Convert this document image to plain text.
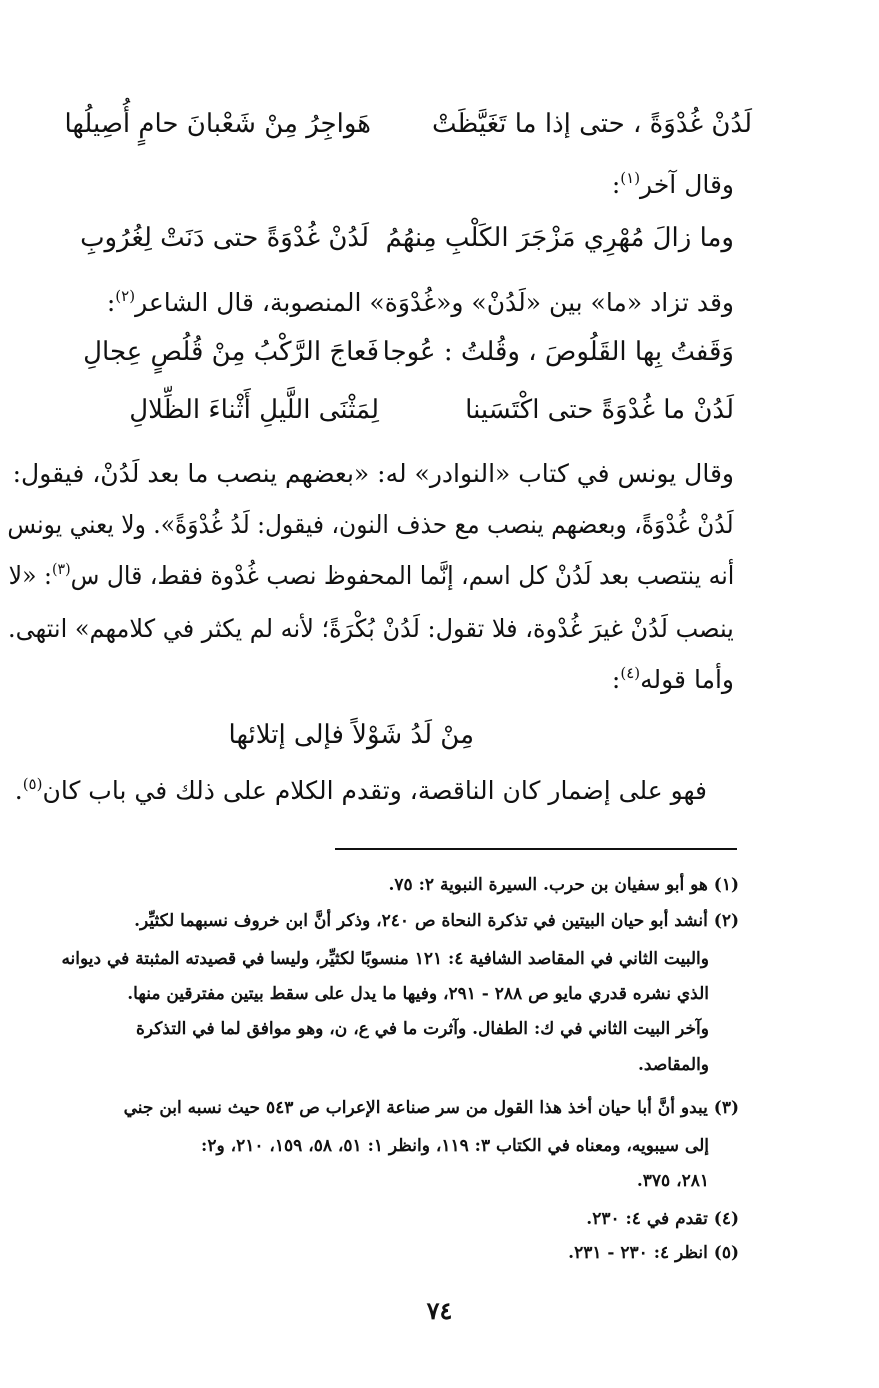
لَدُنْ غُدْوَةً ، حتى إذا ما تَغَيَّظَتْ
هَواجِرُ مِنْ شَعْبانَ حامٍ أُصِيلُها
وقال آخر$^{(١)}$:
وما زالَ مُهْرِي مَزْجَرَ الكَلْبِ مِنهُمُ
لَدُنْ غُدْوَةً حتى دَنَتْ لِغُرُوبِ
وقد تزاد «ما» بين «لَدُنْ» و«غُدْوَة» المنصوبة، قال الشاعر$^{(٢)}$:
وَقَفتُ بِها القَلُوصَ ، وقُلتُ : عُوجا
فَعاجَ الرَّكْبُ مِنْ قُلُصٍ عِجالِ
لَدُنْ ما غُدْوَةً حتى اكْتَسَينا
لِمَثْنَى اللَّيلِ أَثْناءَ الظِّلالِ
وقال يونس في كتاب «النوادر» له: «بعضهم ينصب ما بعد لَدُنْ، فيقول:
لَدُنْ غُدْوَةً، وبعضهم ينصب مع حذف النون، فيقول: لَدُ غُدْوَةً». ولا يعني يونس
أنه ينتصب بعد لَدُنْ كل اسم، إنَّما المحفوظ نصب غُدْوة فقط، قال س$^{(٣)}$: «لا
ينصب لَدُنْ غيرَ غُدْوة، فلا تقول: لَدُنْ بُكْرَةً؛ لأنه لم يكثر في كلامهم» انتهى.
وأما قوله$^{(٤)}$:
مِنْ لَدُ شَوْلاً فإلى إتلائها
فهو على إضمار كان الناقصة، وتقدم الكلام على ذلك في باب كان$^{(٥)}$.
(١) هو أبو سفيان بن حرب. السيرة النبوية ٢: ٧٥.
(٢) أنشد أبو حيان البيتين في تذكرة النحاة ص ٢٤٠، وذكر أنَّ ابن خروف نسبهما لكثيِّر.
والبيت الثاني في المقاصد الشافية ٤: ١٢١ منسوبًا لكثيِّر، وليسا في قصيدته المثبتة في ديوانه
الذي نشره قدري مايو ص ٢٨٨ - ٢٩١، وفيها ما يدل على سقط بيتين مفترقين منها.
وآخر البيت الثاني في ك: الطفال. وآثرت ما في ع، ن، وهو موافق لما في التذكرة
والمقاصد.
(٣) يبدو أنَّ أبا حيان أخذ هذا القول من سر صناعة الإعراب ص ٥٤٣ حيث نسبه ابن جني
إلى سيبويه، ومعناه في الكتاب ٣: ١١٩، وانظر ١: ٥١، ٥٨، ١٥٩، ٢١٠، و٢:
٢٨١، ٣٧٥.
(٤) تقدم في ٤: ٢٣٠.
(٥) انظر ٤: ٢٣٠ - ٢٣١.
٧٤
